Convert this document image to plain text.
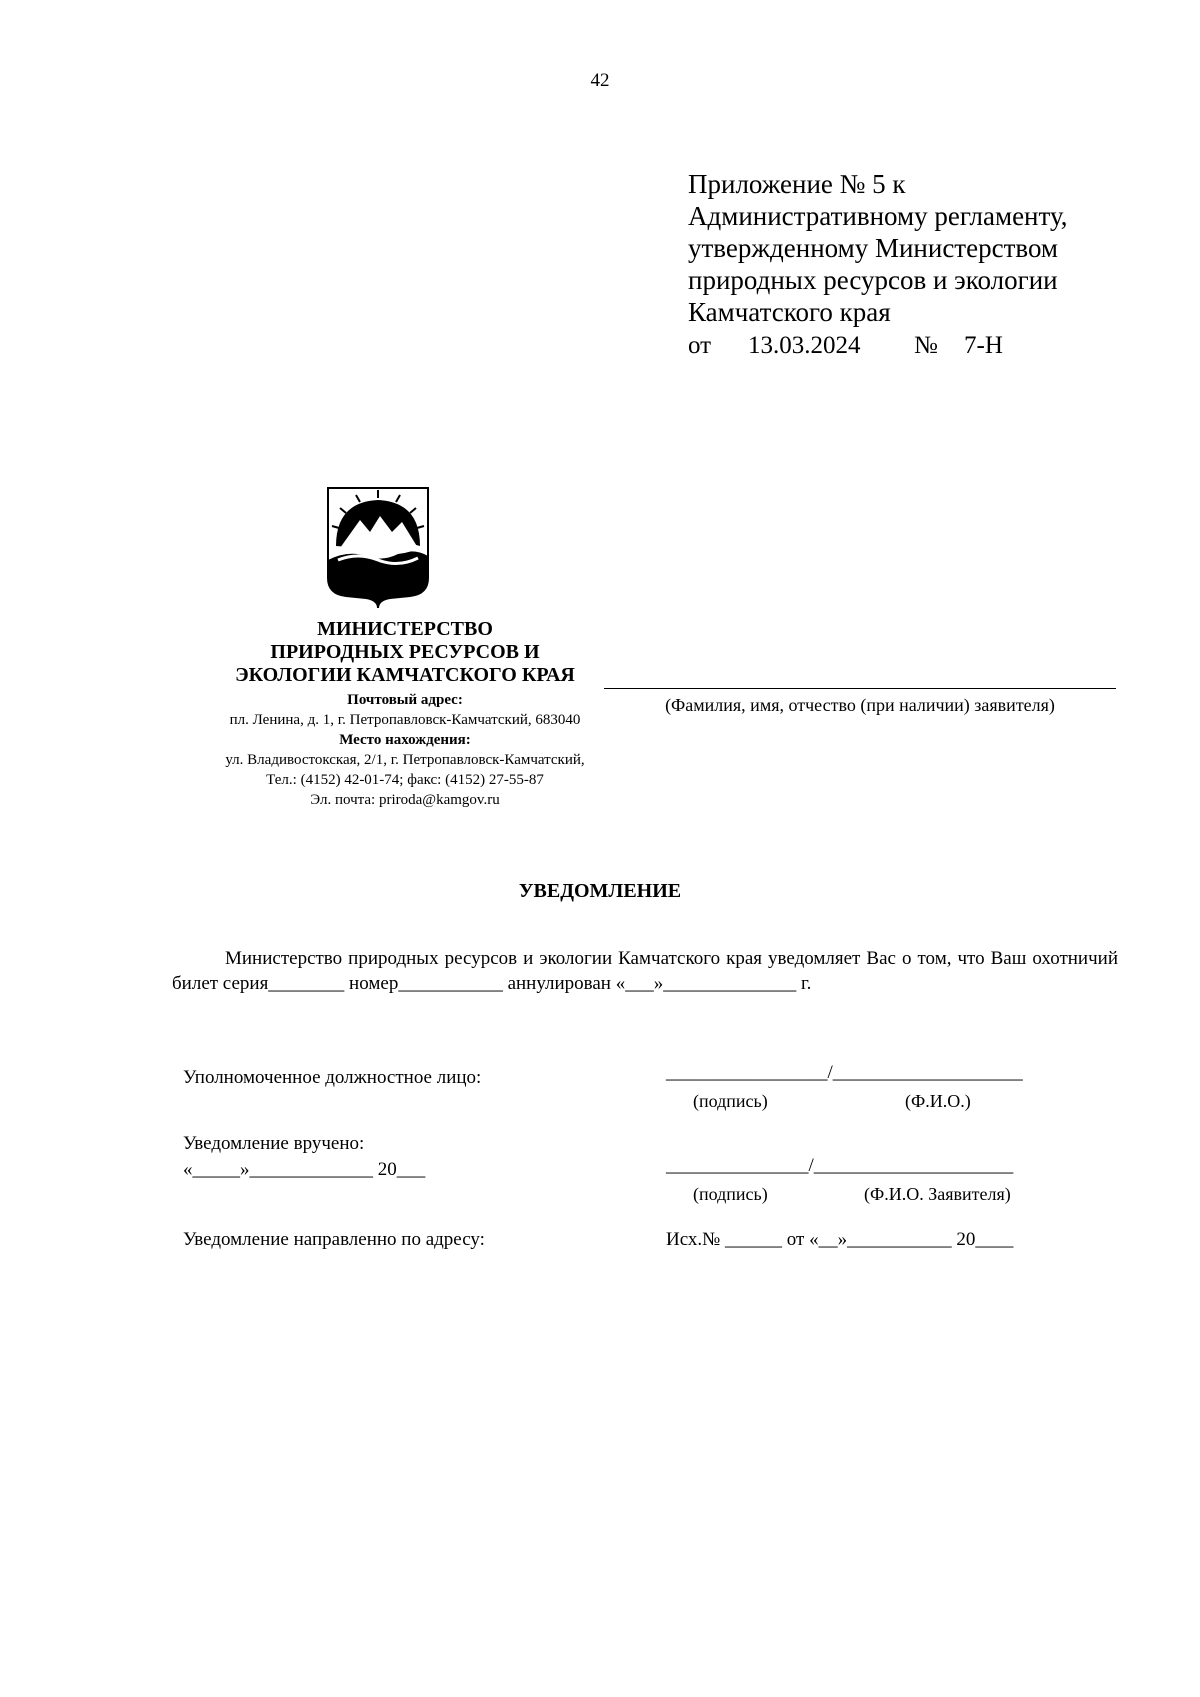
42
Приложение № 5 к
Административному регламенту,
утвержденному Министерством
природных ресурсов и экологии
Камчатского края
от 13.03.2024 № 7-Н
МИНИСТЕРСТВО
ПРИРОДНЫХ РЕСУРСОВ И
ЭКОЛОГИИ КАМЧАТСКОГО КРАЯ
Почтовый адрес:
пл. Ленина, д. 1, г. Петропавловск-Камчатский, 683040
Место нахождения:
ул. Владивостокская, 2/1, г. Петропавловск-Камчатский,
Тел.: (4152) 42-01-74; факс: (4152) 27-55-87
Эл. почта: priroda@kamgov.ru
(Фамилия, имя, отчество (при наличии) заявителя)
УВЕДОМЛЕНИЕ

Министерство природных ресурсов и экологии Камчатского края уведомляет Вас о том, что Ваш охотничий билет серия________ номер___________ аннулирован «___»______________ г.

Уполномоченное должностное лицо:	_________________/____________________
(подпись)	(Ф.И.О.)
Уведомление вручено:
«_____»_____________ 20___	_______________/_____________________
(подпись)	(Ф.И.О. Заявителя)
Уведомление направленно по адресу:	Исх.№ ______ от «__»___________ 20____
